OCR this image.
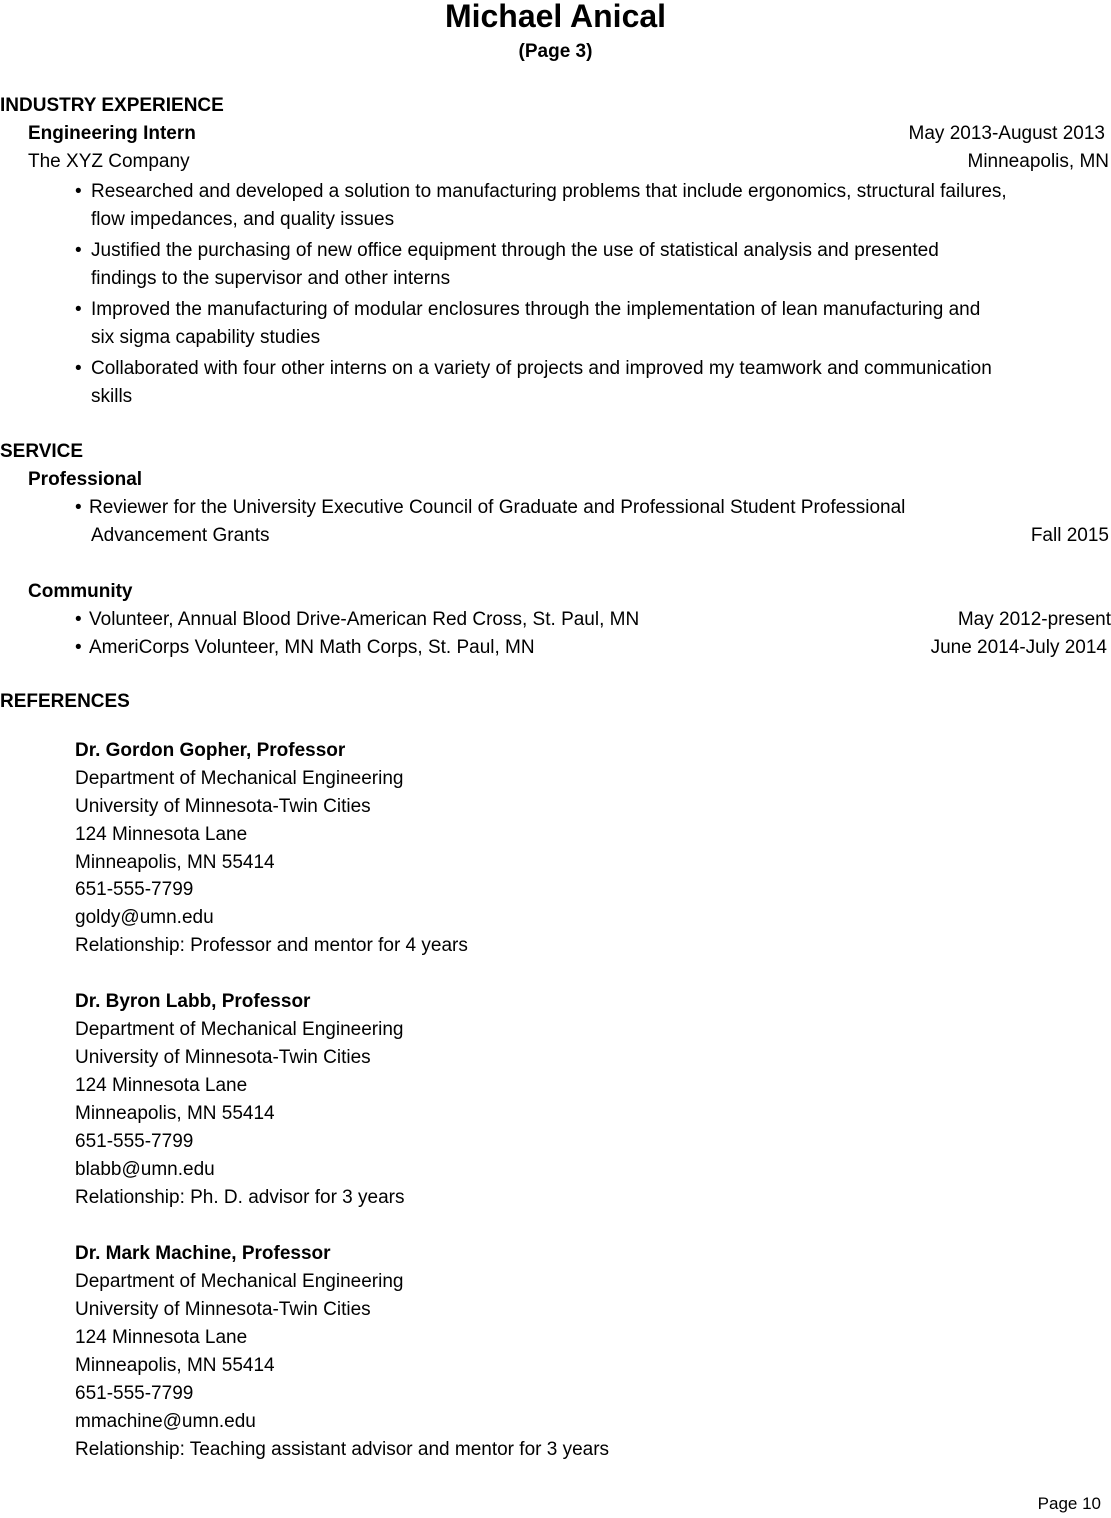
Michael Anical
(Page 3)
INDUSTRY EXPERIENCE
Engineering Intern	May 2013-August 2013
The XYZ Company	Minneapolis, MN
• Researched and developed a solution to manufacturing problems that include ergonomics, structural failures,
flow impedances, and quality issues
• Justified the purchasing of new office equipment through the use of statistical analysis and presented
findings to the supervisor and other interns
• Improved the manufacturing of modular enclosures through the implementation of lean manufacturing and
six sigma capability studies
• Collaborated with four other interns on a variety of projects and improved my teamwork and communication
skills
SERVICE
Professional
• Reviewer for the University Executive Council of Graduate and Professional Student Professional
Advancement Grants	Fall 2015
Community
• Volunteer, Annual Blood Drive-American Red Cross, St. Paul, MN	May 2012-present
• AmeriCorps Volunteer, MN Math Corps, St. Paul, MN	June 2014-July 2014
REFERENCES
Dr. Gordon Gopher, Professor
Department of Mechanical Engineering
University of Minnesota-Twin Cities
124 Minnesota Lane
Minneapolis, MN 55414
651-555-7799
goldy@umn.edu
Relationship: Professor and mentor for 4 years
Dr. Byron Labb, Professor
Department of Mechanical Engineering
University of Minnesota-Twin Cities
124 Minnesota Lane
Minneapolis, MN 55414
651-555-7799
blabb@umn.edu
Relationship: Ph. D. advisor for 3 years
Dr. Mark Machine, Professor
Department of Mechanical Engineering
University of Minnesota-Twin Cities
124 Minnesota Lane
Minneapolis, MN 55414
651-555-7799
mmachine@umn.edu
Relationship: Teaching assistant advisor and mentor for 3 years
Page 10
